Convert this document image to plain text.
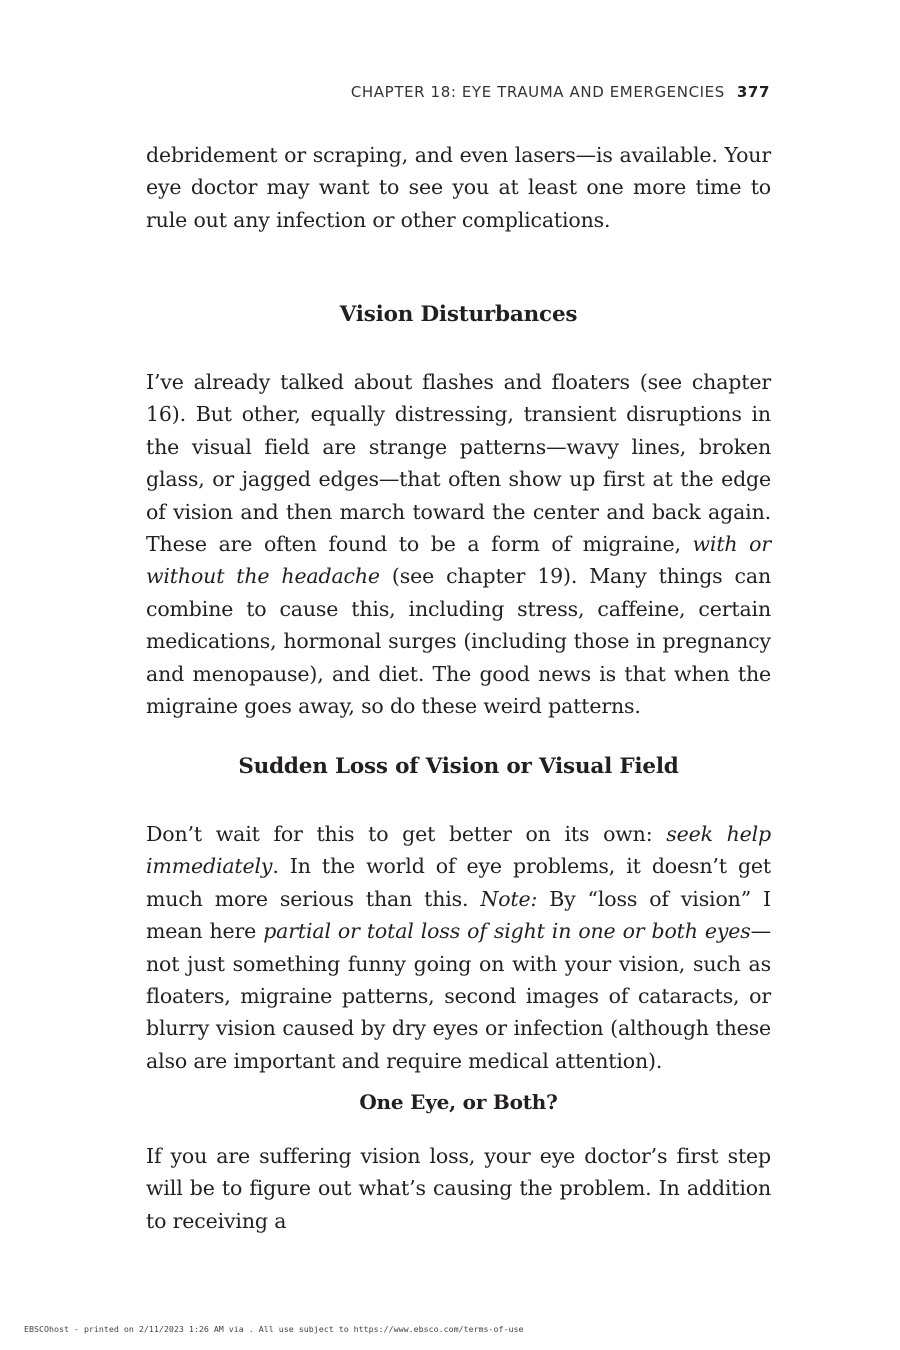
CHAPTER 18: EYE TRAUMA AND EMERGENCIES 377

debridement or scraping, and even lasers—is available. Your eye doctor may want to see you at least one more time to rule out any infection or other complications.

Vision Disturbances

I’ve already talked about flashes and floaters (see chapter 16). But other, equally distressing, transient disruptions in the visual field are strange patterns—wavy lines, broken glass, or jagged edges—that often show up first at the edge of vision and then march toward the center and back again. These are often found to be a form of migraine, with or without the headache (see chapter 19). Many things can combine to cause this, including stress, caffeine, certain medications, hormonal surges (including those in pregnancy and menopause), and diet. The good news is that when the migraine goes away, so do these weird patterns.

Sudden Loss of Vision or Visual Field

Don’t wait for this to get better on its own: seek help immediately. In the world of eye problems, it doesn’t get much more serious than this. Note: By “loss of vision” I mean here partial or total loss of sight in one or both eyes—not just something funny going on with your vision, such as floaters, migraine patterns, second images of cataracts, or blurry vision caused by dry eyes or infection (although these also are important and require medical attention).

One Eye, or Both?

If you are suffering vision loss, your eye doctor’s first step will be to figure out what’s causing the problem. In addition to receiving a

EBSCOhost - printed on 2/11/2023 1:26 AM via . All use subject to https://www.ebsco.com/terms-of-use
